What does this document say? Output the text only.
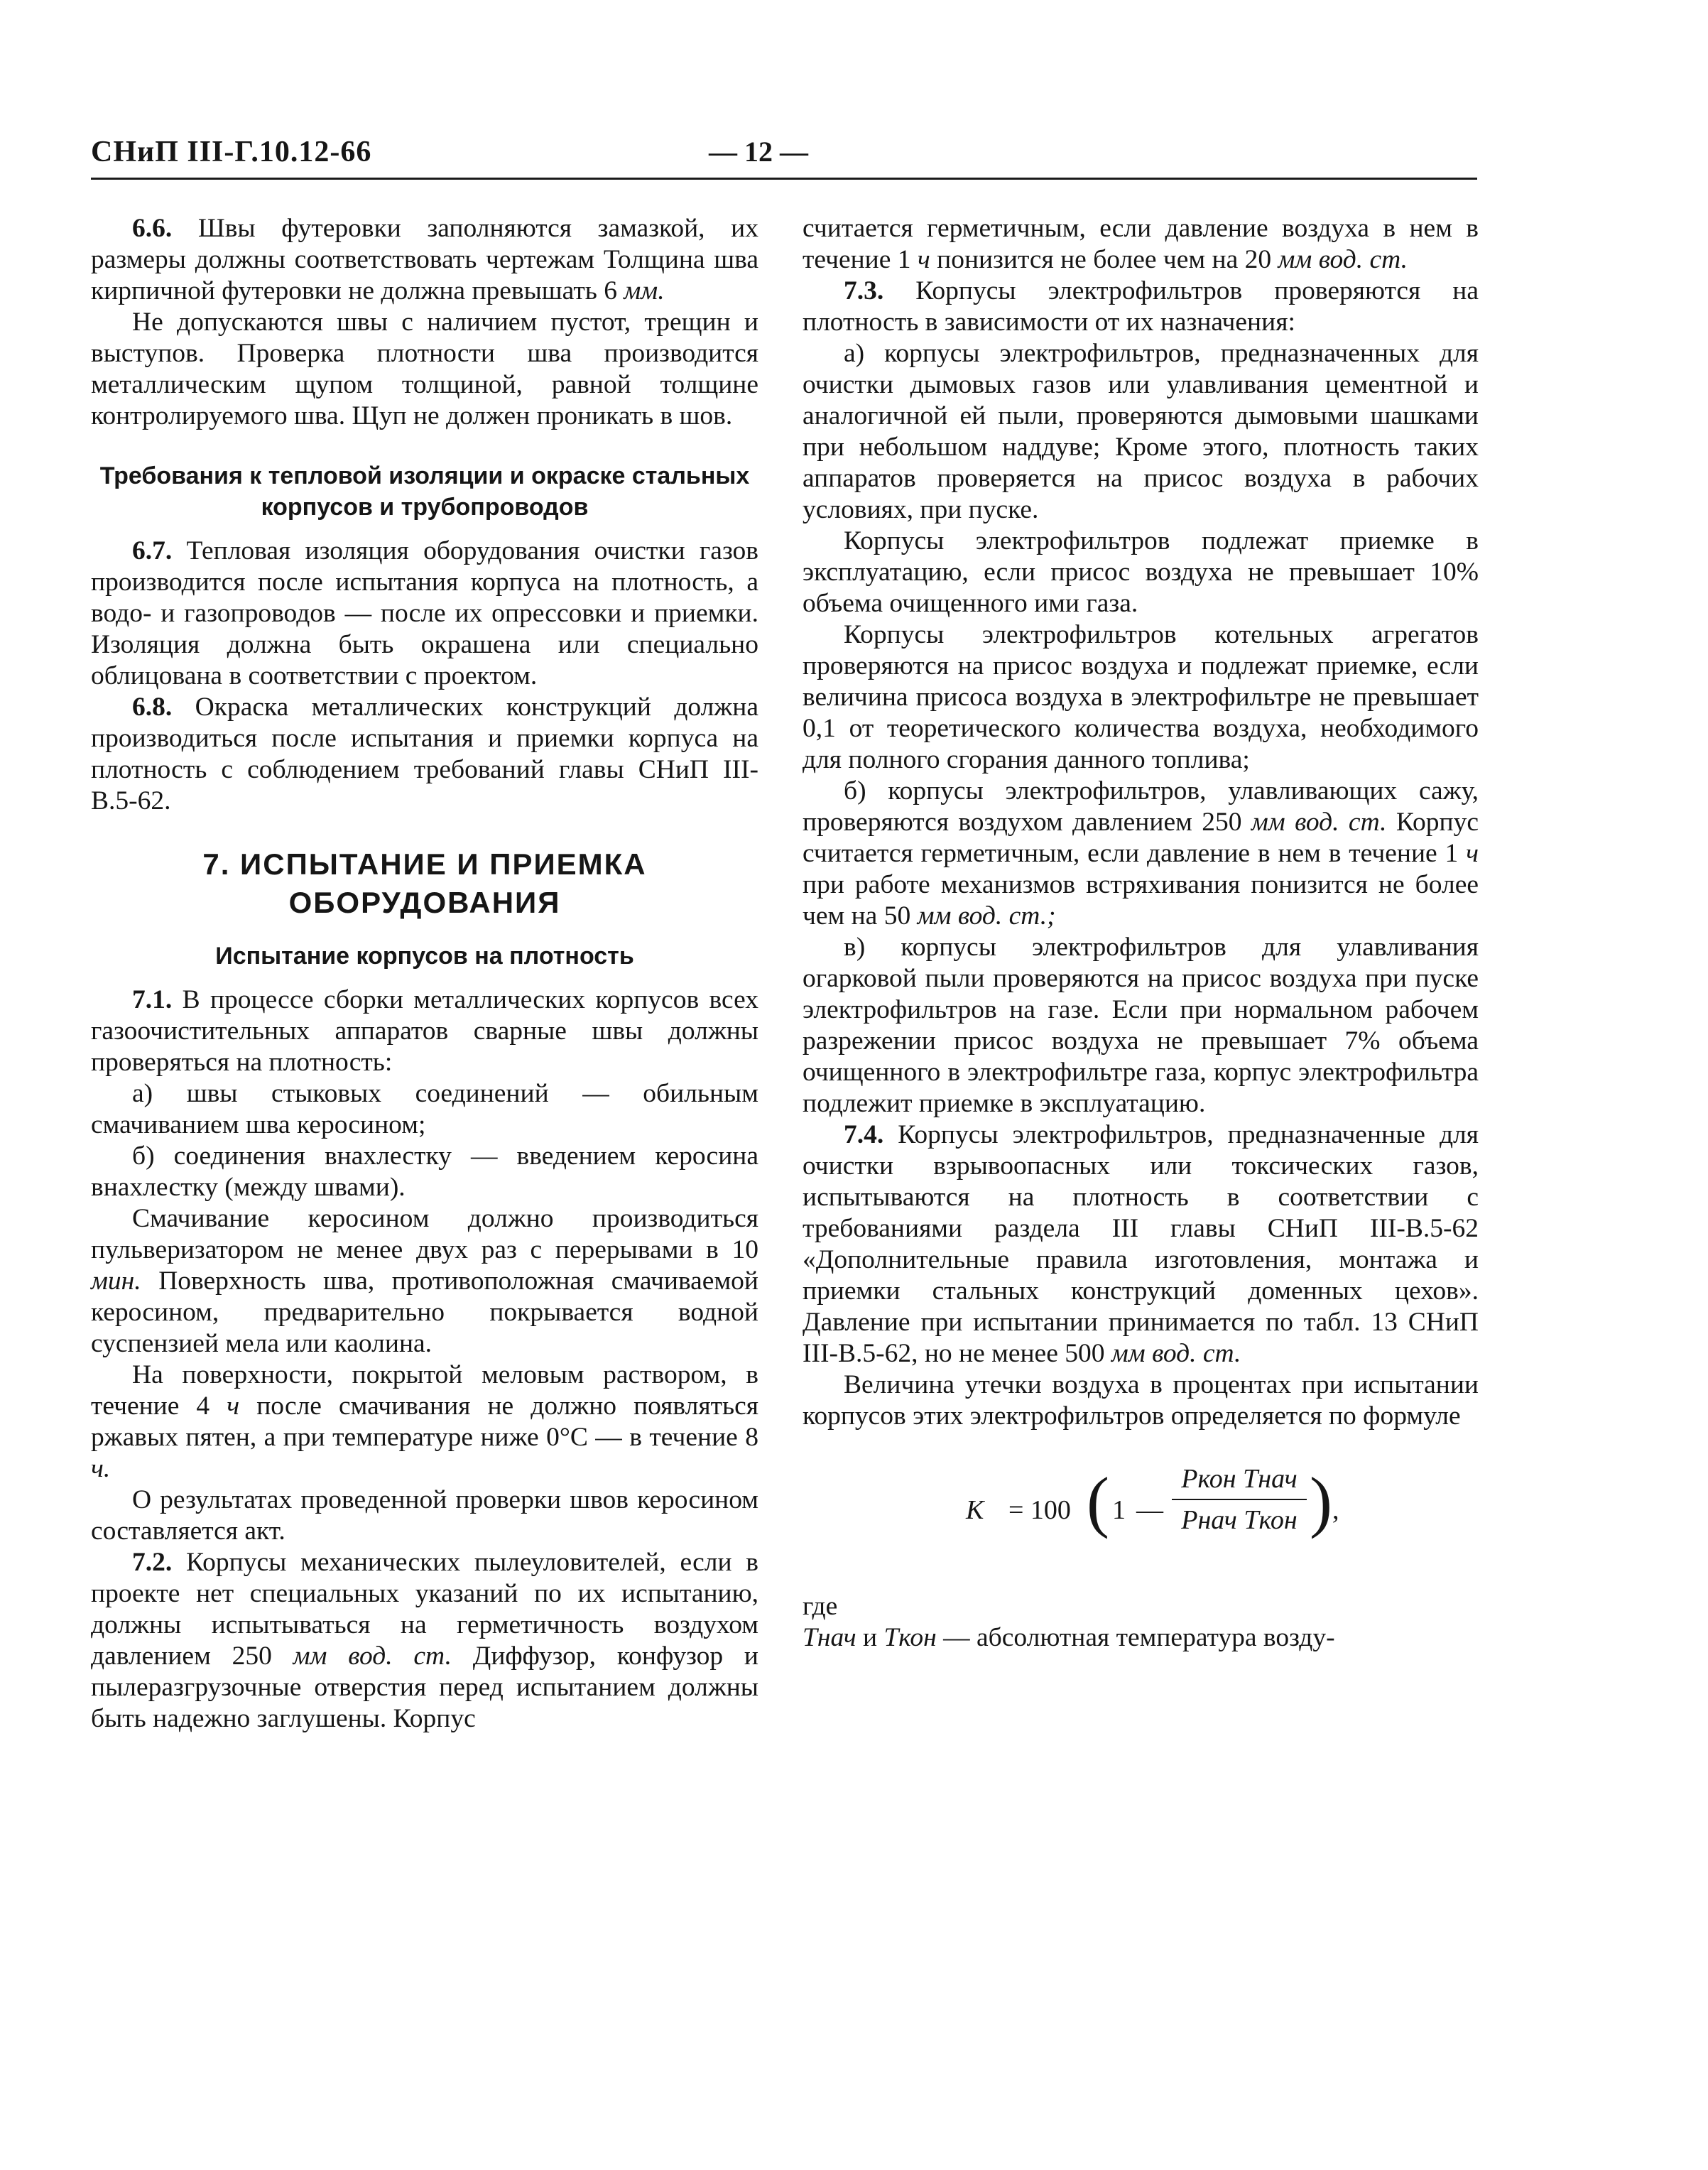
СНиП III-Г.10.12-66	— 12 —

6.6. Швы футеровки заполняются замазкой, их размеры должны соответствовать чертежам Толщина шва кирпичной футеровки не должна превышать 6 мм.

Не допускаются швы с наличием пустот, трещин и выступов. Проверка плотности шва производится металлическим щупом толщиной, равной толщине контролируемого шва. Щуп не должен проникать в шов.

Требования к тепловой изоляции и окраске стальных корпусов и трубопроводов

6.7. Тепловая изоляция оборудования очистки газов производится после испытания корпуса на плотность, а водо- и газопроводов — после их опрессовки и приемки. Изоляция должна быть окрашена или специально облицована в соответствии с проектом.

6.8. Окраска металлических конструкций должна производиться после испытания и приемки корпуса на плотность с соблюдением требований главы СНиП III-В.5-62.

7. ИСПЫТАНИЕ И ПРИЕМКА ОБОРУДОВАНИЯ
Испытание корпусов на плотность

7.1. В процессе сборки металлических корпусов всех газоочистительных аппаратов сварные швы должны проверяться на плотность:

а) швы стыковых соединений — обильным смачиванием шва керосином;

б) соединения внахлестку — введением керосина внахлестку (между швами).

Смачивание керосином должно производиться пульверизатором не менее двух раз с перерывами в 10 мин. Поверхность шва, противоположная смачиваемой керосином, предварительно покрывается водной суспензией мела или каолина.

На поверхности, покрытой меловым раствором, в течение 4 ч после смачивания не должно появляться ржавых пятен, а при температуре ниже 0°С — в течение 8 ч.

О результатах проведенной проверки швов керосином составляется акт.

7.2. Корпусы механических пылеуловителей, если в проекте нет специальных указаний по их испытанию, должны испытываться на герметичность воздухом давлением 250 мм вод. ст. Диффузор, конфузор и пылеразгрузочные отверстия перед испытанием должны быть надежно заглушены. Корпус

считается герметичным, если давление воздуха в нем в течение 1 ч понизится не более чем на 20 мм вод. ст.

7.3. Корпусы электрофильтров проверяются на плотность в зависимости от их назначения:

а) корпусы электрофильтров, предназначенных для очистки дымовых газов или улавливания цементной и аналогичной ей пыли, проверяются дымовыми шашками при небольшом наддуве; Кроме этого, плотность таких аппаратов проверяется на присос воздуха в рабочих условиях, при пуске.

Корпусы электрофильтров подлежат приемке в эксплуатацию, если присос воздуха не превышает 10% объема очищенного ими газа.

Корпусы электрофильтров котельных агрегатов проверяются на присос воздуха и подлежат приемке, если величина присоса воздуха в электрофильтре не превышает 0,1 от теоретического количества воздуха, необходимого для полного сгорания данного топлива;

б) корпусы электрофильтров, улавливающих сажу, проверяются воздухом давлением 250 мм вод. ст. Корпус считается герметичным, если давление в нем в течение 1 ч при работе механизмов встряхивания понизится не более чем на 50 мм вод. ст.;

в) корпусы электрофильтров для улавливания огарковой пыли проверяются на присос воздуха при пуске электрофильтров на газе. Если при нормальном рабочем разрежении присос воздуха не превышает 7% объема очищенного в электрофильтре газа, корпус электрофильтра подлежит приемке в эксплуатацию.

7.4. Корпусы электрофильтров, предназначенные для очистки взрывоопасных или токсических газов, испытываются на плотность в соответствии с требованиями раздела III главы СНиП III-В.5-62 «Дополнительные правила изготовления, монтажа и приемки стальных конструкций доменных цехов». Давление при испытании принимается по табл. 13 СНиП III-В.5-62, но не менее 500 мм вод. ст.

Величина утечки воздуха в процентах при испытании корпусов этих электрофильтров определяется по формуле

K = 100 ( 1 —
Pкон Tнач
Pнач Tкон ) ,

где

Tнач и Tкон — абсолютная температура возду-
